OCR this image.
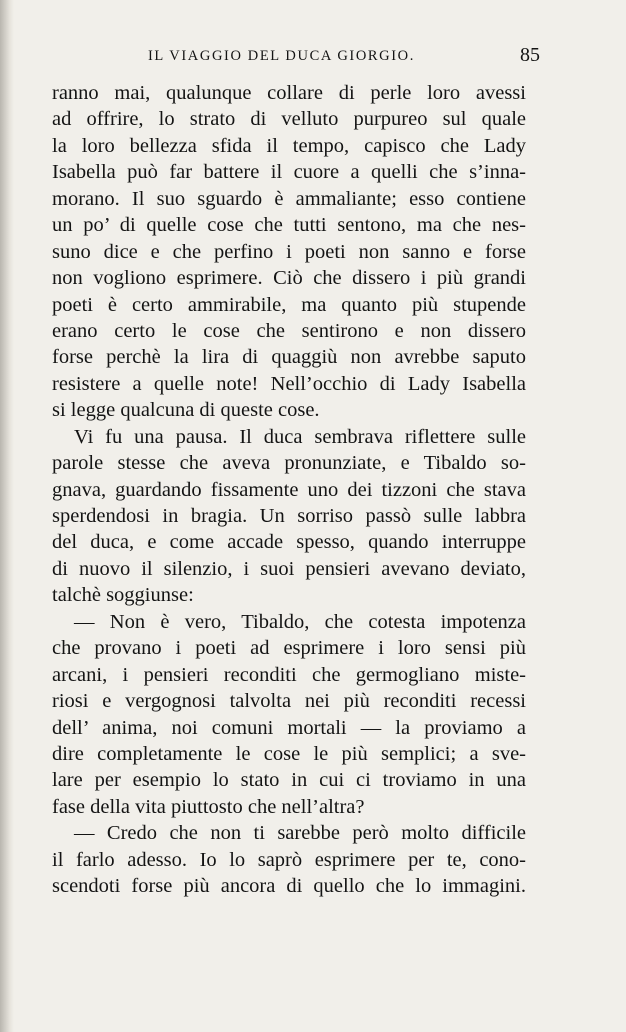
IL VIAGGIO DEL DUCA GIORGIO.	85
ranno mai, qualunque collare di perle loro avessi
ad offrire, lo strato di velluto purpureo sul quale
la loro bellezza sfida il tempo, capisco che Lady
Isabella può far battere il cuore a quelli che s’inna-
morano. Il suo sguardo è ammaliante; esso contiene
un po’ di quelle cose che tutti sentono, ma che nes-
suno dice e che perfino i poeti non sanno e forse
non vogliono esprimere. Ciò che dissero i più grandi
poeti è certo ammirabile, ma quanto più stupende
erano certo le cose che sentirono e non dissero
forse perchè la lira di quaggiù non avrebbe saputo
resistere a quelle note! Nell’occhio di Lady Isabella
si legge qualcuna di queste cose.
Vi fu una pausa. Il duca sembrava riflettere sulle
parole stesse che aveva pronunziate, e Tibaldo so-
gnava, guardando fissamente uno dei tizzoni che stava
sperdendosi in bragia. Un sorriso passò sulle labbra
del duca, e come accade spesso, quando interruppe
di nuovo il silenzio, i suoi pensieri avevano deviato,
talchè soggiunse:
— Non è vero, Tibaldo, che cotesta impotenza
che provano i poeti ad esprimere i loro sensi più
arcani, i pensieri reconditi che germogliano miste-
riosi e vergognosi talvolta nei più reconditi recessi
dell’ anima, noi comuni mortali — la proviamo a
dire completamente le cose le più semplici; a sve-
lare per esempio lo stato in cui ci troviamo in una
fase della vita piuttosto che nell’altra?
— Credo che non ti sarebbe però molto difficile
il farlo adesso. Io lo saprò esprimere per te, cono-
scendoti forse più ancora di quello che lo immagini.
